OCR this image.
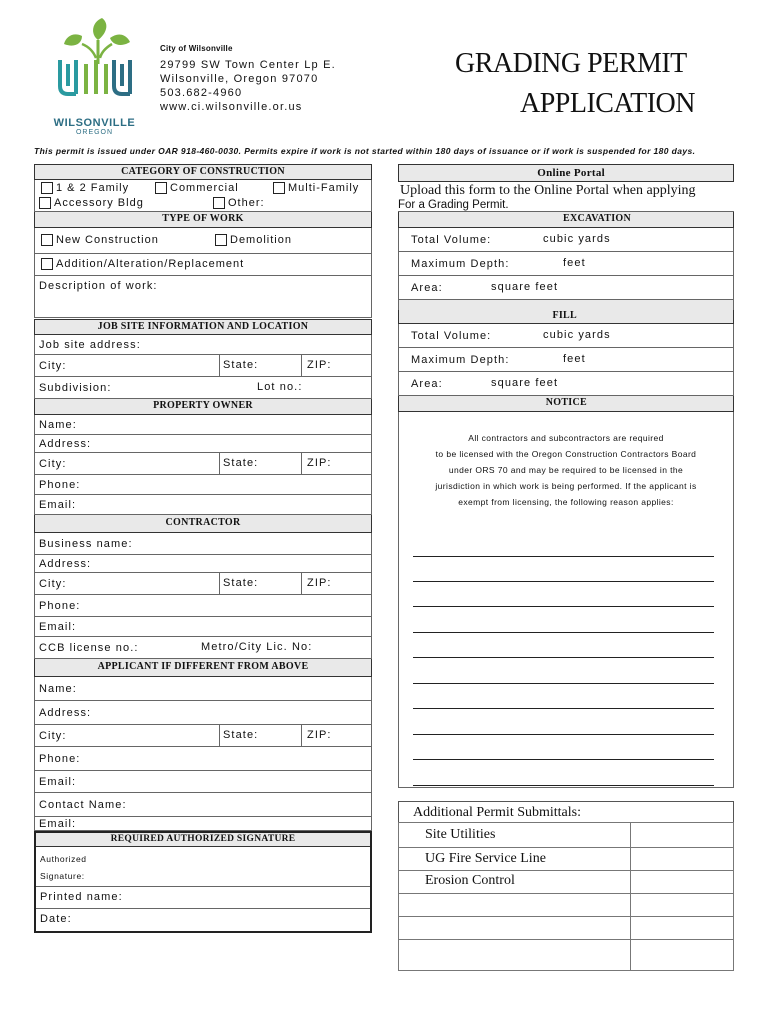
WILSONVILLE
OREGON
City of Wilsonville
29799 SW Town Center Lp E.
Wilsonville, Oregon 97070
503.682-4960
www.ci.wilsonville.or.us
GRADING PERMIT
APPLICATION
This permit is issued under OAR 918-460-0030. Permits expire if work is not started within 180 days of issuance or if work is suspended for 180 days.
CATEGORY OF CONSTRUCTION
1 & 2 Family	Commercial	Multi-Family
Accessory Bldg	Other:
TYPE OF WORK
New Construction	Demolition
Addition/Alteration/Replacement
Description of work:
JOB SITE INFORMATION AND LOCATION
Job site address:
City:	State:	ZIP:
Subdivision:	Lot no.:
PROPERTY OWNER
Name:
Address:
City:	State:	ZIP:
Phone:
Email:
CONTRACTOR
Business name:
Address:
City:	State:	ZIP:
Phone:
Email:
CCB license no.:	Metro/City Lic. No:
APPLICANT IF DIFFERENT FROM ABOVE
Name:
Address:
City:	State:	ZIP:
Phone:
Email:
Contact Name:
Email:
REQUIRED AUTHORIZED SIGNATURE
Authorized
Signature:
Printed name:
Date:
Online Portal
Upload this form to the Online Portal when applying
For a Grading Permit.
EXCAVATION
Total Volume:	cubic yards
Maximum Depth:	feet
Area:	square feet
FILL
Total Volume:	cubic yards
Maximum Depth:	feet
Area:	square feet
NOTICE
All contractors and subcontractors are required
to be licensed with the Oregon Construction Contractors Board
under ORS 70 and may be required to be licensed in the
jurisdiction in which work is being performed. If the applicant is
exempt from licensing, the following reason applies:
Additional Permit Submittals:
Site Utilities
UG Fire Service Line
Erosion Control
